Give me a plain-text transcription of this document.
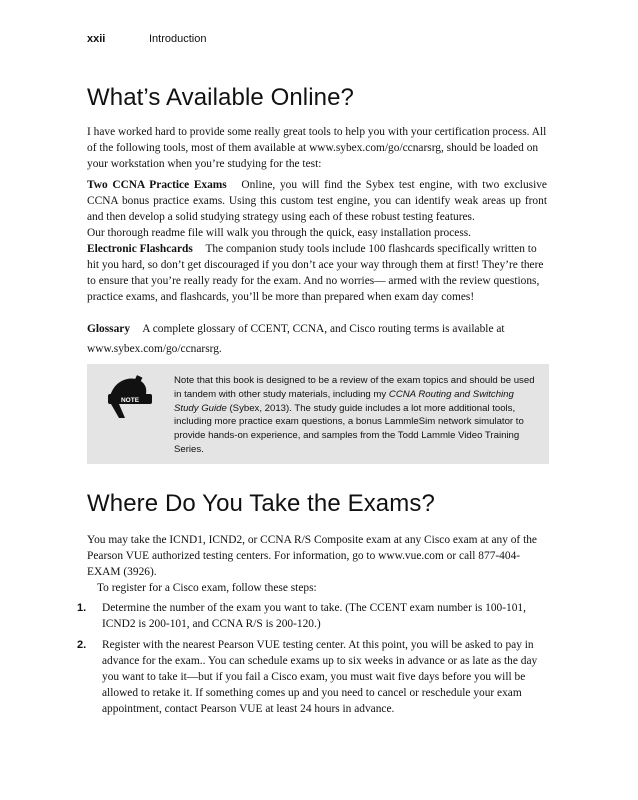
xxii	Introduction
What’s Available Online?

I have worked hard to provide some really great tools to help you with your certification process. All of the following tools, most of them available at www.sybex.com/go/ccnarsrg, should be loaded on your workstation when you’re studying for the test:

Two CCNA Practice Exams Online, you will find the Sybex test engine, with two exclusive CCNA bonus practice exams. Using this custom test engine, you can identify weak areas up front and then develop a solid studying strategy using each of these robust testing features.

Our thorough readme file will walk you through the quick, easy installation process.

Electronic Flashcards The companion study tools include 100 flashcards specifically written to hit you hard, so don’t get discouraged if you don’t ace your way through them at first! They’re there to ensure that you’re really ready for the exam. And no worries— armed with the review questions, practice exams, and flashcards, you’ll be more than prepared when exam day comes!

Glossary A complete glossary of CCENT, CCNA, and Cisco routing terms is available at www.sybex.com/go/ccnarsrg.

NOTE
Note that this book is designed to be a review of the exam topics and should be used in tandem with other study materials, including my CCNA Routing and Switching Study Guide (Sybex, 2013). The study guide includes a lot more additional tools, including more practice exam questions, a bonus LammleSim network simulator to provide hands-on experience, and samples from the Todd Lammle Video Training Series.
Where Do You Take the Exams?

You may take the ICND1, ICND2, or CCNA R/S Composite exam at any Cisco exam at any of the Pearson VUE authorized testing centers. For information, go to www.vue.com or call 877-404-EXAM (3926).

To register for a Cisco exam, follow these steps:

1. Determine the number of the exam you want to take. (The CCENT exam number is 100-101, ICND2 is 200-101, and CCNA R/S is 200-120.)
2. Register with the nearest Pearson VUE testing center. At this point, you will be asked to pay in advance for the exam.. You can schedule exams up to six weeks in advance or as late as the day you want to take it—but if you fail a Cisco exam, you must wait five days before you will be allowed to retake it. If something comes up and you need to cancel or reschedule your exam appointment, contact Pearson VUE at least 24 hours in advance.
